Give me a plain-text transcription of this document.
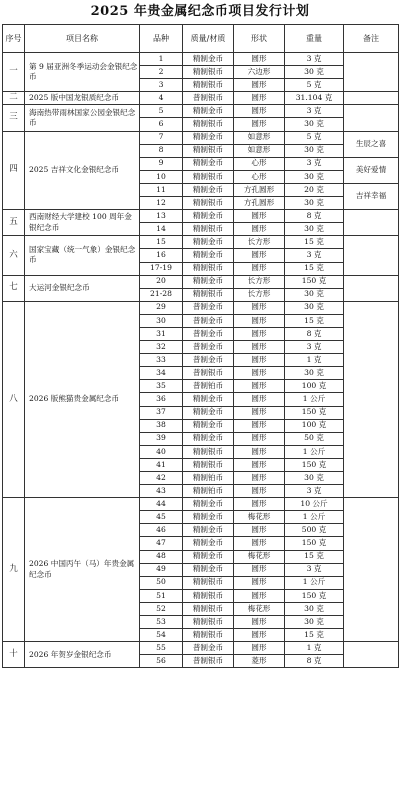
2025 年贵金属纪念币项目发行计划
序号	项目名称	品种	质量/材质	形状	重量	备注
一	第 9 届亚洲冬季运动会金银纪念币	1	精制金币	圆形	3 克	
		2	精制银币	六边形	30 克	
		3	精制银币	圆形	5 克	
二	2025 版中国龙银质纪念币	4	普制银币	圆形	31.104 克	
三	海南热带雨林国家公园金银纪念币	5	精制金币	圆形	3 克	
		6	精制银币	圆形	30 克	
四	2025 吉祥文化金银纪念币	7	精制金币	如意形	5 克	生辰之喜
		8	精制银币	如意形	30 克	
		9	精制金币	心形	3 克	美好爱情
		10	精制银币	心形	30 克	
		11	精制金币	方孔圆形	20 克	吉祥幸福
		12	精制银币	方孔圆形	30 克	
五	西南财经大学建校 100 周年金银纪念币	13	精制金币	圆形	8 克	
		14	精制银币	圆形	30 克	
六	国家宝藏（统一气象）金银纪念币	15	精制金币	长方形	15 克	
		16	精制金币	圆形	3 克	
		17-19	精制银币	圆形	15 克	
七	大运河金银纪念币	20	精制金币	长方形	150 克	
		21-28	精制银币	长方形	30 克	
八	2026 版熊猫贵金属纪念币	29	普制金币	圆形	30 克	
		30	普制金币	圆形	15 克	
		31	普制金币	圆形	8 克	
		32	普制金币	圆形	3 克	
		33	普制金币	圆形	1 克	
		34	普制银币	圆形	30 克	
		35	普制铂币	圆形	100 克	
		36	精制金币	圆形	1 公斤	
		37	精制金币	圆形	150 克	
		38	精制金币	圆形	100 克	
		39	精制金币	圆形	50 克	
		40	精制银币	圆形	1 公斤	
		41	精制银币	圆形	150 克	
		42	精制铂币	圆形	30 克	
		43	精制铂币	圆形	3 克	
九	2026 中国丙午（马）年贵金属纪念币	44	精制金币	圆形	10 公斤	
		45	精制金币	梅花形	1 公斤	
		46	精制金币	圆形	500 克	
		47	精制金币	圆形	150 克	
		48	精制金币	梅花形	15 克	
		49	精制金币	圆形	3 克	
		50	精制银币	圆形	1 公斤	
		51	精制银币	圆形	150 克	
		52	精制银币	梅花形	30 克	
		53	精制银币	圆形	30 克	
		54	精制银币	圆形	15 克	
十	2026 年贺岁金银纪念币	55	普制金币	圆形	1 克	
		56	普制银币	菱形	8 克	
